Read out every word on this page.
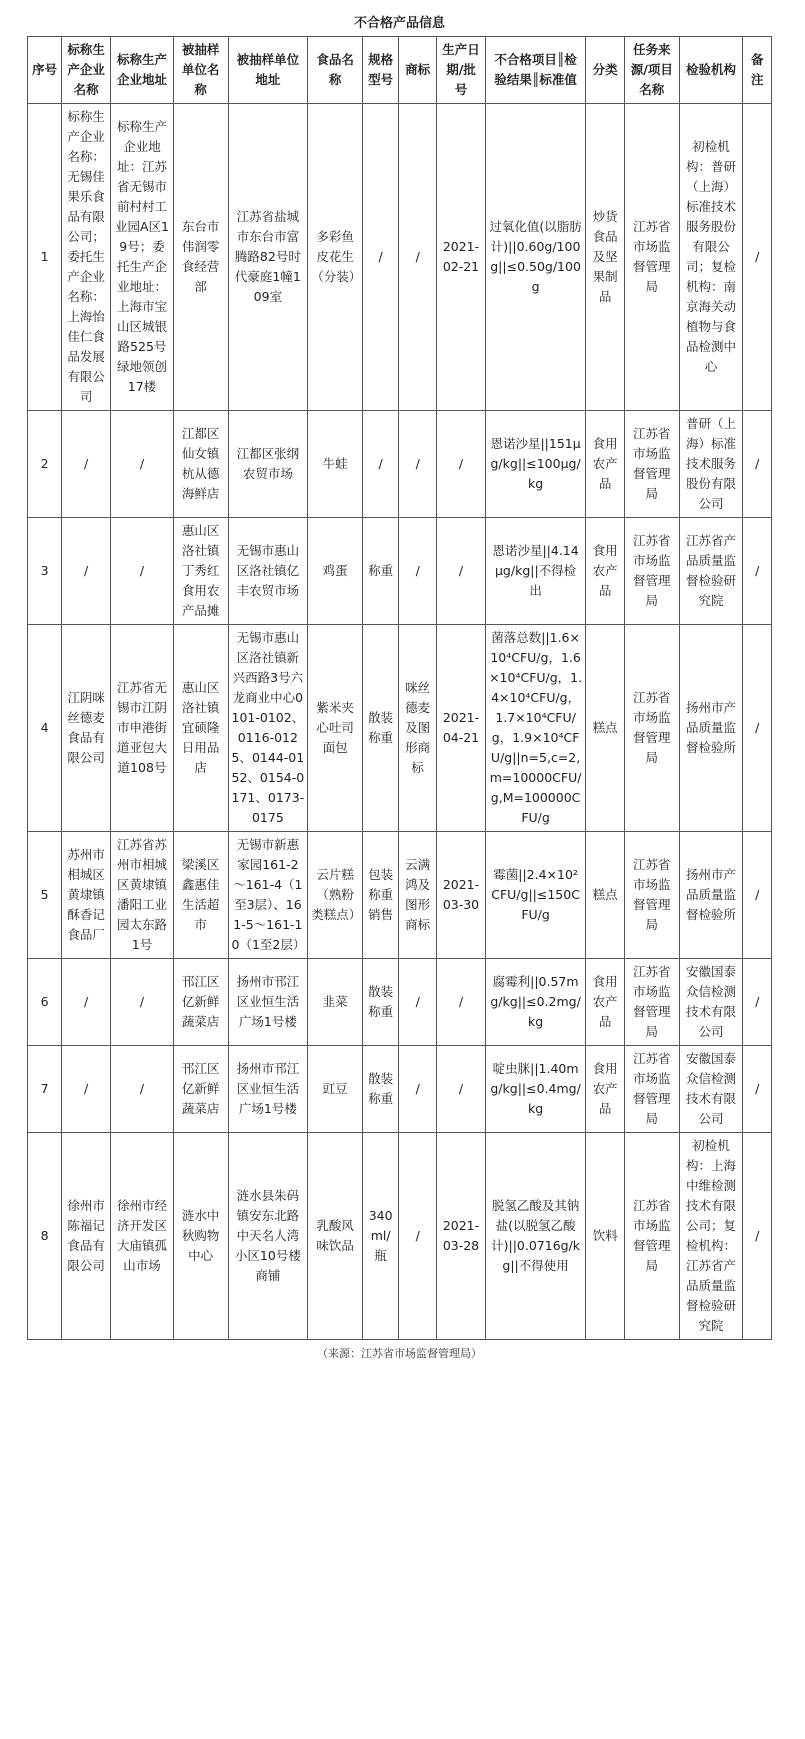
不合格产品信息
序号	标称生产企业名称	标称生产企业地址	被抽样单位名称	被抽样单位地址	食品名称	规格型号	商标	生产日期/批号	不合格项目║检验结果║标准值	分类	任务来源/项目名称	检验机构	备注
1	标称生产企业名称：无锡佳果乐食品有限公司；委托生产企业名称：上海怡佳仁食品发展有限公司	标称生产企业地址：江苏省无锡市前村村工业园A区19号；委托生产企业地址：上海市宝山区城银路525号绿地领创17楼	东台市伟润零食经营部	江苏省盐城市东台市富腾路82号时代豪庭1幢109室	多彩鱼皮花生（分装）	/	/	2021-02-21	过氧化值(以脂肪计)||0.60g/100g||≤0.50g/100g	炒货食品及坚果制品	江苏省市场监督管理局	初检机构：普研（上海）标准技术服务股份有限公司；复检机构：南京海关动植物与食品检测中心	/
2	/	/	江都区仙女镇杭从德海鲜店	江都区张纲农贸市场	牛蛙	/	/	/	恩诺沙星||151μg/kg||≤100μg/kg	食用农产品	江苏省市场监督管理局	普研（上海）标准技术服务股份有限公司	/
3	/	/	惠山区洛社镇丁秀红食用农产品摊	无锡市惠山区洛社镇亿丰农贸市场	鸡蛋	称重	/	/	恩诺沙星||4.14μg/kg||不得检出	食用农产品	江苏省市场监督管理局	江苏省产品质量监督检验研究院	/
4	江阴咪丝德麦食品有限公司	江苏省无锡市江阴市申港街道亚包大道108号	惠山区洛社镇宜硕隆日用品店	无锡市惠山区洛社镇新兴西路3号六龙商业中心0101-0102、0116-0125、0144-0152、0154-0171、0173-0175	紫米夹心吐司面包	散装称重	咪丝德麦及图形商标	2021-04-21	菌落总数||1.6×10⁴CFU/g，1.6×10⁴CFU/g，1.4×10⁴CFU/g，1.7×10⁴CFU/g，1.9×10⁴CFU/g||n=5,c=2,m=10000CFU/g,M=100000CFU/g	糕点	江苏省市场监督管理局	扬州市产品质量监督检验所	/
5	苏州市相城区黄埭镇酥香记食品厂	江苏省苏州市相城区黄埭镇潘阳工业园太东路1号	梁溪区鑫惠佳生活超市	无锡市新惠家园161-2～161-4（1至3层）、161-5～161-10（1至2层）	云片糕（熟粉类糕点）	包装称重销售	云满鸿及图形商标	2021-03-30	霉菌||2.4×10²CFU/g||≤150CFU/g	糕点	江苏省市场监督管理局	扬州市产品质量监督检验所	/
6	/	/	邗江区亿新鲜蔬菜店	扬州市邗江区业恒生活广场1号楼	韭菜	散装称重	/	/	腐霉利||0.57mg/kg||≤0.2mg/kg	食用农产品	江苏省市场监督管理局	安徽国泰众信检测技术有限公司	/
7	/	/	邗江区亿新鲜蔬菜店	扬州市邗江区业恒生活广场1号楼	豇豆	散装称重	/	/	啶虫脒||1.40mg/kg||≤0.4mg/kg	食用农产品	江苏省市场监督管理局	安徽国泰众信检测技术有限公司	/
8	徐州市陈福记食品有限公司	徐州市经济开发区大庙镇孤山市场	涟水中秋购物中心	涟水县朱码镇安东北路中天名人湾小区10号楼商铺	乳酸风味饮品	340ml/瓶	/	2021-03-28	脱氢乙酸及其钠盐(以脱氢乙酸计)||0.0716g/kg||不得使用	饮料	江苏省市场监督管理局	初检机构：上海中维检测技术有限公司；复检机构：江苏省产品质量监督检验研究院	/
（来源：江苏省市场监督管理局）
